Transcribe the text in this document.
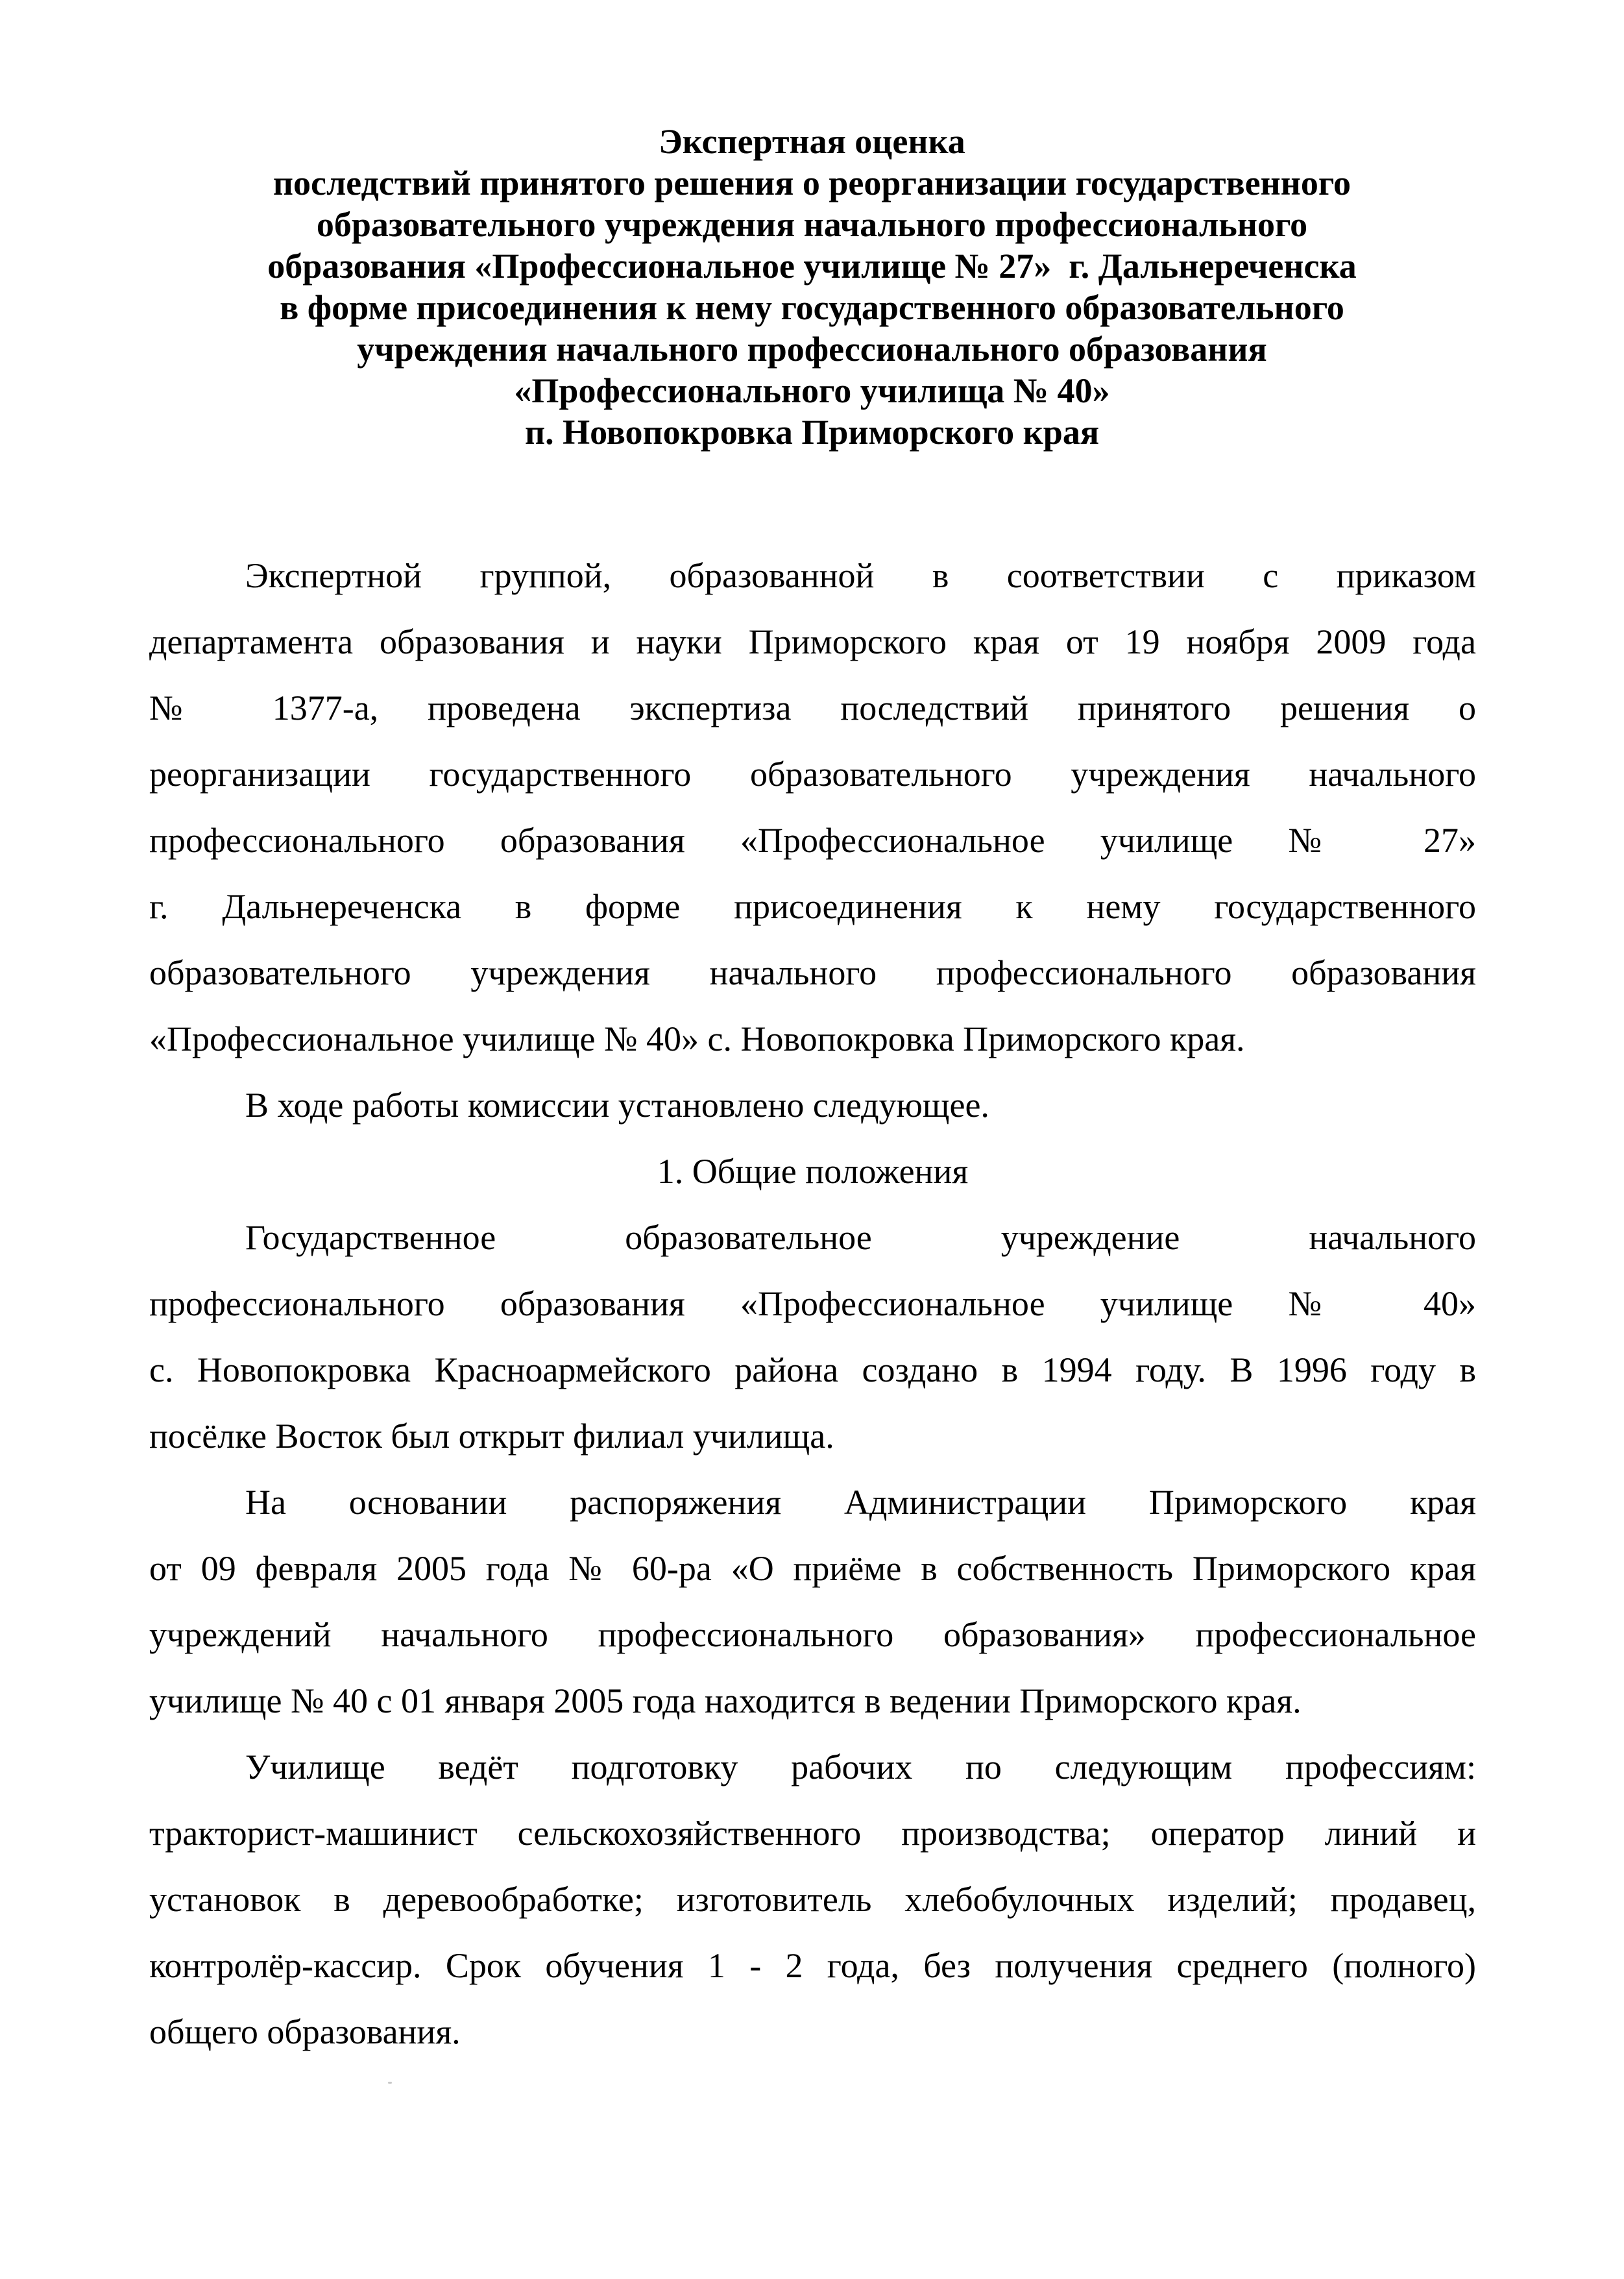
Экспертная оценка
последствий принятого решения о реорганизации государственного
образовательного учреждения начального профессионального
образования «Профессиональное училище № 27»  г. Дальнереченска
в форме присоединения к нему государственного образовательного
учреждения начального профессионального образования
«Профессионального училища № 40»
п. Новопокровка Приморского края
Экспертной группой, образованной в соответствии с приказом
департамента образования и науки Приморского края от 19 ноября 2009 года
№ 1377-а, проведена экспертиза последствий принятого решения о
реорганизации государственного образовательного учреждения начального
профессионального образования «Профессиональное училище № 27»
г. Дальнереченска в форме присоединения к нему государственного
образовательного учреждения начального профессионального образования
«Профессиональное училище № 40» с. Новопокровка Приморского края.
В ходе работы комиссии установлено следующее.
1. Общие положения
Государственное образовательное учреждение начального
профессионального образования «Профессиональное училище № 40»
с. Новопокровка Красноармейского района создано в 1994 году. В 1996 году в
посёлке Восток был открыт филиал училища.
На основании распоряжения Администрации Приморского края
от 09 февраля 2005 года № 60-ра «О приёме в собственность Приморского края
учреждений начального профессионального образования» профессиональное
училище № 40 с 01 января 2005 года находится в ведении Приморского края.
Училище ведёт подготовку рабочих по следующим профессиям:
тракторист-машинист сельскохозяйственного производства; оператор линий и
установок в деревообработке; изготовитель хлебобулочных изделий; продавец,
контролёр-кассир. Срок обучения 1 - 2 года, без получения среднего (полного)
общего образования.
